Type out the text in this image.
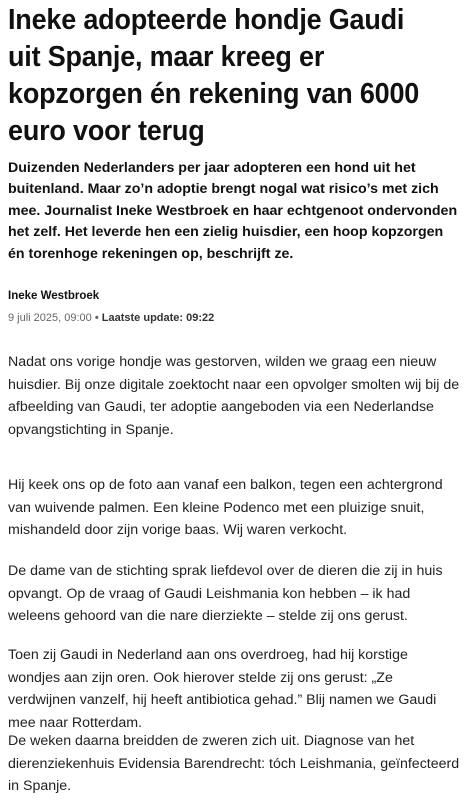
Ineke adopteerde hondje Gaudi uit Spanje, maar kreeg er kopzorgen én rekening van 6000 euro voor terug

Duizenden Nederlanders per jaar adopteren een hond uit het buitenland. Maar zo’n adoptie brengt nogal wat risico’s met zich mee. Journalist Ineke Westbroek en haar echtgenoot ondervonden het zelf. Het leverde hen een zielig huisdier, een hoop kopzorgen én torenhoge rekeningen op, beschrijft ze.

Ineke Westbroek
9 juli 2025, 09:00 • Laatste update: 09:22

Nadat ons vorige hondje was gestorven, wilden we graag een nieuw huisdier. Bij onze digitale zoektocht naar een opvolger smolten wij bij de afbeelding van Gaudi, ter adoptie aangeboden via een Nederlandse opvangstichting in Spanje.

Hij keek ons op de foto aan vanaf een balkon, tegen een achtergrond van wuivende palmen. Een kleine Podenco met een pluizige snuit, mishandeld door zijn vorige baas. Wij waren verkocht.

De dame van de stichting sprak liefdevol over de dieren die zij in huis opvangt. Op de vraag of Gaudi Leishmania kon hebben – ik had weleens gehoord van die nare dierziekte – stelde zij ons gerust.

Toen zij Gaudi in Nederland aan ons overdroeg, had hij korstige wondjes aan zijn oren. Ook hierover stelde zij ons gerust: „Ze verdwijnen vanzelf, hij heeft antibiotica gehad.” Blij namen we Gaudi mee naar Rotterdam.

De weken daarna breidden de zweren zich uit. Diagnose van het dierenziekenhuis Evidensia Barendrecht: tóch Leishmania, geïnfecteerd in Spanje.
